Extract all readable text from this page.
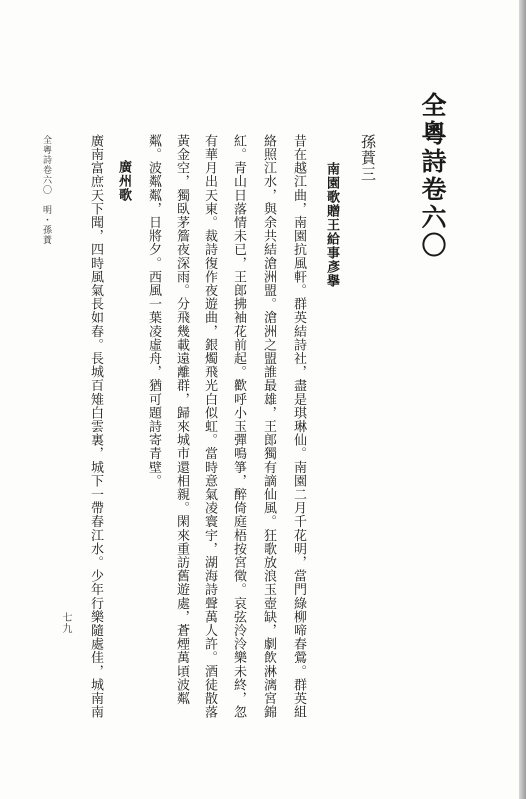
全粵詩卷六〇
孫蕡三
南園歌贈王給事彥擧
昔在越江曲，南園抗風軒。群英結詩社，盡是琪琳仙。南園二月千花明，當門綠柳啼春鶯。群英組
絡照江水，與余共結滄洲盟。滄洲之盟誰最雄，王郎獨有謫仙風。狂歌放浪玉壺缺，劇飲淋漓宮錦
紅。青山日落情未已，王郎拂袖花前起。歡呼小玉彈鳴箏，醉倚庭梧按宮徵。哀弦泠泠樂未終，忽
有華月出天東。裁詩復作夜遊曲，銀燭飛光白似虹。當時意氣凌寰宇，湖海詩聲萬人許。酒徒散落
黃金空，獨臥茅簷夜深雨。分飛幾載遠離群，歸來城市還相親。閑來重訪舊遊處，蒼煙萬頃波粼
粼。波粼粼，日將夕。西風一葉凌虛舟，猶可題詩寄青壁。
廣州歌
廣南富庶天下聞，四時風氣長如春。長城百雉白雲裏，城下一帶春江水。少年行樂隨處佳，城南南
全粵詩卷六〇　明・孫蕡
七九
